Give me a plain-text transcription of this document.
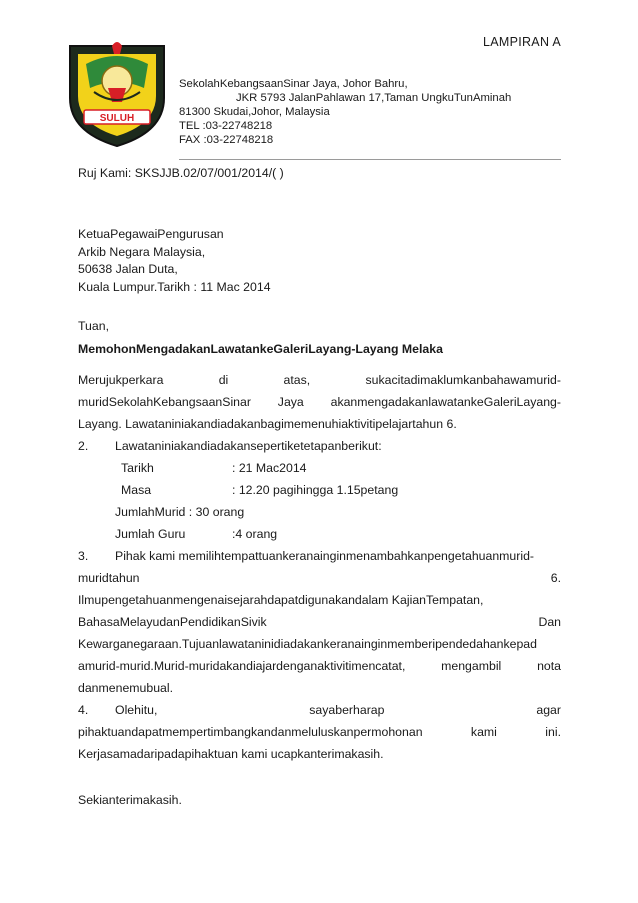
LAMPIRAN A
SULUH
SekolahKebangsaanSinar Jaya, Johor Bahru,
JKR 5793 JalanPahlawan 17,Taman UngkuTunAminah
81300 Skudai,Johor, Malaysia
TEL :03-22748218
FAX :03-22748218
Ruj Kami: SKSJJB.02/07/001/2014/( )
KetuaPegawaiPengurusan
Arkib Negara Malaysia,
50638 Jalan Duta,
Kuala Lumpur.Tarikh : 11 Mac 2014
Tuan,
MemohonMengadakanLawatankeGaleriLayang-Layang Melaka
Merujukperkara	di	atas,	sukacitadimaklumkanbahawamurid-
muridSekolahKebangsaanSinar Jaya akanmengadakanlawatankeGaleriLayang-
Layang. Lawataniniakandiadakanbagimemenuhiaktivitipelajartahun 6.
2. Lawataniniakandiadakansepertiketetapanberikut:
Tarikh	: 21 Mac2014
Masa	: 12.20 pagihingga 1.15petang
JumlahMurid : 30 orang
Jumlah Guru	:4 orang
3. Pihak kami memilihtempattuankeranainginmenambahkanpengetahuanmurid-
muridtahun	6.
Ilmupengetahuanmengenaisejarahdapatdigunakandalam KajianTempatan,
BahasaMelayudanPendidikanSivik	Dan
Kewarganegaraan.Tujuanlawataninidiadakankeranainginmemberipendedahankepad
amurid-murid.Murid-muridakandiajardenganaktivitimencatat,	mengambil	nota
danmenemubual.
4. Olehitu,	sayaberharap	agar
pihaktuandapatmempertimbangkandanmeluluskanpermohonan	kami	ini.
Kerjasamadaripadapihaktuan kami ucapkanterimakasih.
Sekianterimakasih.
